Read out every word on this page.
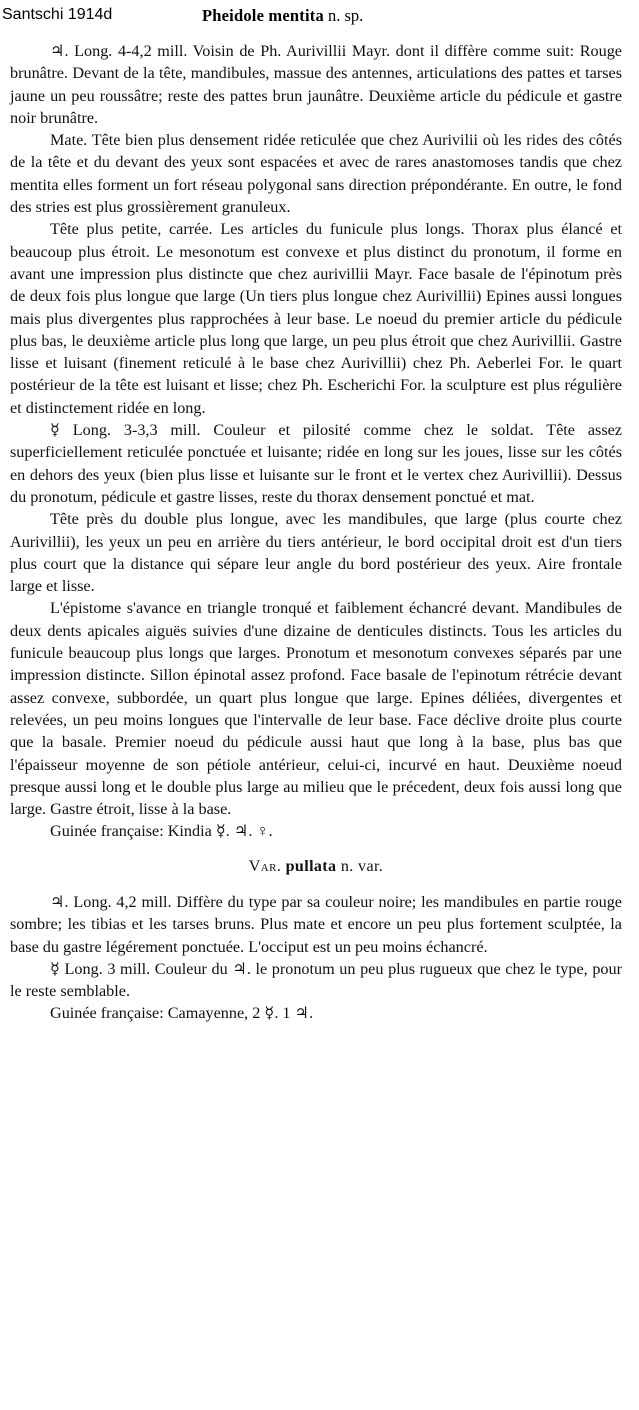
Santschi 1914d	Pheidole mentita n. sp.

♃. Long. 4-4,2 mill. Voisin de Ph. Aurivillii Mayr. dont il diffère comme suit: Rouge brunâtre. Devant de la tête, mandibules, massue des antennes, articulations des pattes et tarses jaune un peu roussâtre; reste des pattes brun jaunâtre. Deuxième article du pédicule et gastre noir brunâtre.

Mate. Tête bien plus densement ridée reticulée que chez Aurivilii où les rides des côtés de la tête et du devant des yeux sont espacées et avec de rares anastomoses tandis que chez mentita elles forment un fort réseau polygonal sans direction prépondérante. En outre, le fond des stries est plus grossièrement granuleux.

Tête plus petite, carrée. Les articles du funicule plus longs. Thorax plus élancé et beaucoup plus étroit. Le mesonotum est convexe et plus distinct du pronotum, il forme en avant une impression plus distincte que chez aurivillii Mayr. Face basale de l'épinotum près de deux fois plus longue que large (Un tiers plus longue chez Aurivillii) Epines aussi longues mais plus divergentes plus rapprochées à leur base. Le noeud du premier article du pédicule plus bas, le deuxième article plus long que large, un peu plus étroit que chez Aurivillii. Gastre lisse et luisant (finement reticulé à le base chez Aurivillii) chez Ph. Aeberlei For. le quart postérieur de la tête est luisant et lisse; chez Ph. Escherichi For. la sculpture est plus régulière et distinctement ridée en long.

☿ Long. 3-3,3 mill. Couleur et pilosité comme chez le soldat. Tête assez superficiellement reticulée ponctuée et luisante; ridée en long sur les joues, lisse sur les côtés en dehors des yeux (bien plus lisse et luisante sur le front et le vertex chez Aurivillii). Dessus du pronotum, pédicule et gastre lisses, reste du thorax densement ponctué et mat.

Tête près du double plus longue, avec les mandibules, que large (plus courte chez Aurivillii), les yeux un peu en arrière du tiers antérieur, le bord occipital droit est d'un tiers plus court que la distance qui sépare leur angle du bord postérieur des yeux. Aire frontale large et lisse.

L'épistome s'avance en triangle tronqué et faiblement échancré devant. Mandibules de deux dents apicales aiguës suivies d'une dizaine de denticules distincts. Tous les articles du funicule beaucoup plus longs que larges. Pronotum et mesonotum convexes séparés par une impression distincte. Sillon épinotal assez profond. Face basale de l'epinotum rétrécie devant assez convexe, subbordée, un quart plus longue que large. Epines déliées, divergentes et relevées, un peu moins longues que l'intervalle de leur base. Face déclive droite plus courte que la basale. Premier noeud du pédicule aussi haut que long à la base, plus bas que l'épaisseur moyenne de son pétiole antérieur, celui-ci, incurvé en haut. Deuxième noeud presque aussi long et le double plus large au milieu que le précedent, deux fois aussi long que large. Gastre étroit, lisse à la base.

Guinée française: Kindia ☿. ♃. ♀.

Var. pullata n. var.

♃. Long. 4,2 mill. Diffère du type par sa couleur noire; les mandibules en partie rouge sombre; les tibias et les tarses bruns. Plus mate et encore un peu plus fortement sculptée, la base du gastre légérement ponctuée. L'occiput est un peu moins échancré.

☿ Long. 3 mill. Couleur du ♃. le pronotum un peu plus rugueux que chez le type, pour le reste semblable.

Guinée française: Camayenne, 2 ☿. 1 ♃.
